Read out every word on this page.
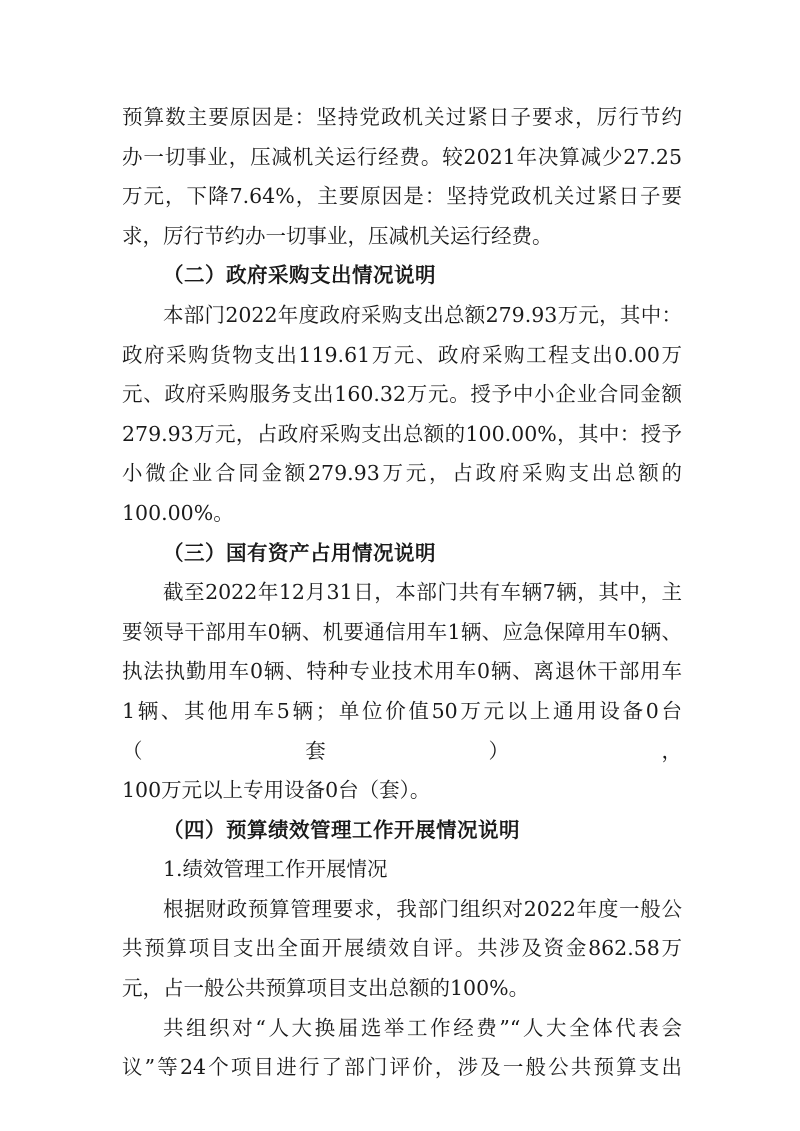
预算数主要原因是：坚持党政机关过紧日子要求，厉行节约
办一切事业，压减机关运行经费。较2021年决算减少27.25
万元，下降7.64%，主要原因是：坚持党政机关过紧日子要
求，厉行节约办一切事业，压减机关运行经费。
（二）政府采购支出情况说明
本部门2022年度政府采购支出总额279.93万元，其中：
政府采购货物支出119.61万元、政府采购工程支出0.00万
元、政府采购服务支出160.32万元。授予中小企业合同金额
279.93万元，占政府采购支出总额的100.00%，其中：授予
小微企业合同金额279.93万元，占政府采购支出总额的
100.00%。
（三）国有资产占用情况说明
截至2022年12月31日，本部门共有车辆7辆，其中，主
要领导干部用车0辆、机要通信用车1辆、应急保障用车0辆、
执法执勤用车0辆、特种专业技术用车0辆、离退休干部用车
1辆、其他用车5辆；单位价值50万元以上通用设备0台（套），
100万元以上专用设备0台（套）。
（四）预算绩效管理工作开展情况说明
1.绩效管理工作开展情况
根据财政预算管理要求，我部门组织对2022年度一般公
共预算项目支出全面开展绩效自评。共涉及资金862.58万
元，占一般公共预算项目支出总额的100%。
共组织对“人大换届选举工作经费”“人大全体代表会
议”等24个项目进行了部门评价，涉及一般公共预算支出
